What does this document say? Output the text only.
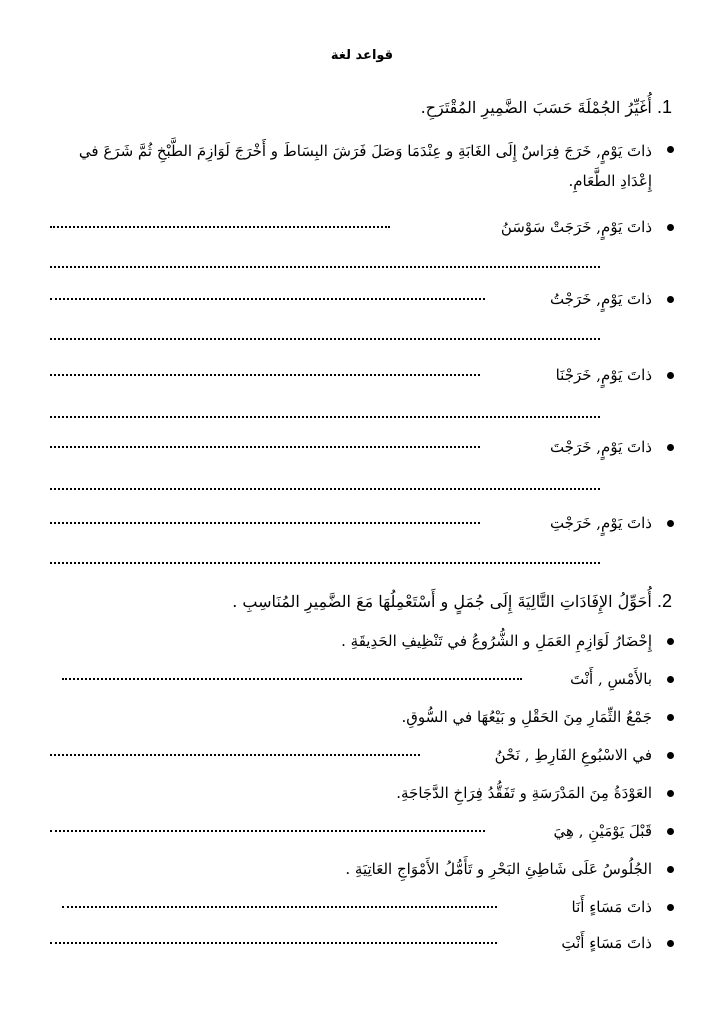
قواعد لغة
1. أُغَيِّرُ الجُمْلَةَ حَسَبَ الضَّمِيرِ المُقْتَرَحِ.
ذاتَ يَوْمٍ, خَرَجَ فِرَاسٌ إِلَى الغَابَةِ و عِنْدَمَا وَصَلَ فَرَشَ البِسَاطَ و أَخْرَجَ لَوَازِمَ الطَّبْخِ ثُمَّ شَرَعَ في إِعْدَادِ الطَّعَامِ.
ذاتَ يَوْمٍ, خَرَجَتْ سَوْسَنُ
ذاتَ يَوْمٍ, خَرَجْتُ
ذاتَ يَوْمٍ, خَرَجْنَا
ذاتَ يَوْمٍ, خَرَجْتَ
ذاتَ يَوْمٍ, خَرَجْتِ
2. أُحَوِّلُ الإِفَادَاتِ التَّالِيَةَ إِلَى جُمَلٍ و أَسْتَعْمِلُهَا مَعَ الضَّمِيرِ المُنَاسِبِ .
إِحْضَارُ لَوَازِمِ العَمَلِ و الشُّرُوعُ في تَنْظِيفِ الحَدِيقَةِ .
بالأَمْسِ , أَنْتَ
جَمْعُ الثِّمَارِ مِنَ الحَقْلِ و بَيْعُهَا في السُّوقِ.
في الاسْبُوعِ الفَارِطِ , نَحْنُ
العَوْدَةُ مِنَ المَدْرَسَةِ و تَفَقُّدُ فِرَاخِ الدَّجَاجَةِ.
قَبْلَ يَوْمَيْنِ , هِيَ
الجُلُوسُ عَلَى شَاطِئِ البَحْرِ و تَأَمُّلُ الأَمْوَاجِ العَاتِيَةِ .
ذاتَ مَسَاءٍ أَنَا
ذاتَ مَسَاءٍ أَنْتِ
